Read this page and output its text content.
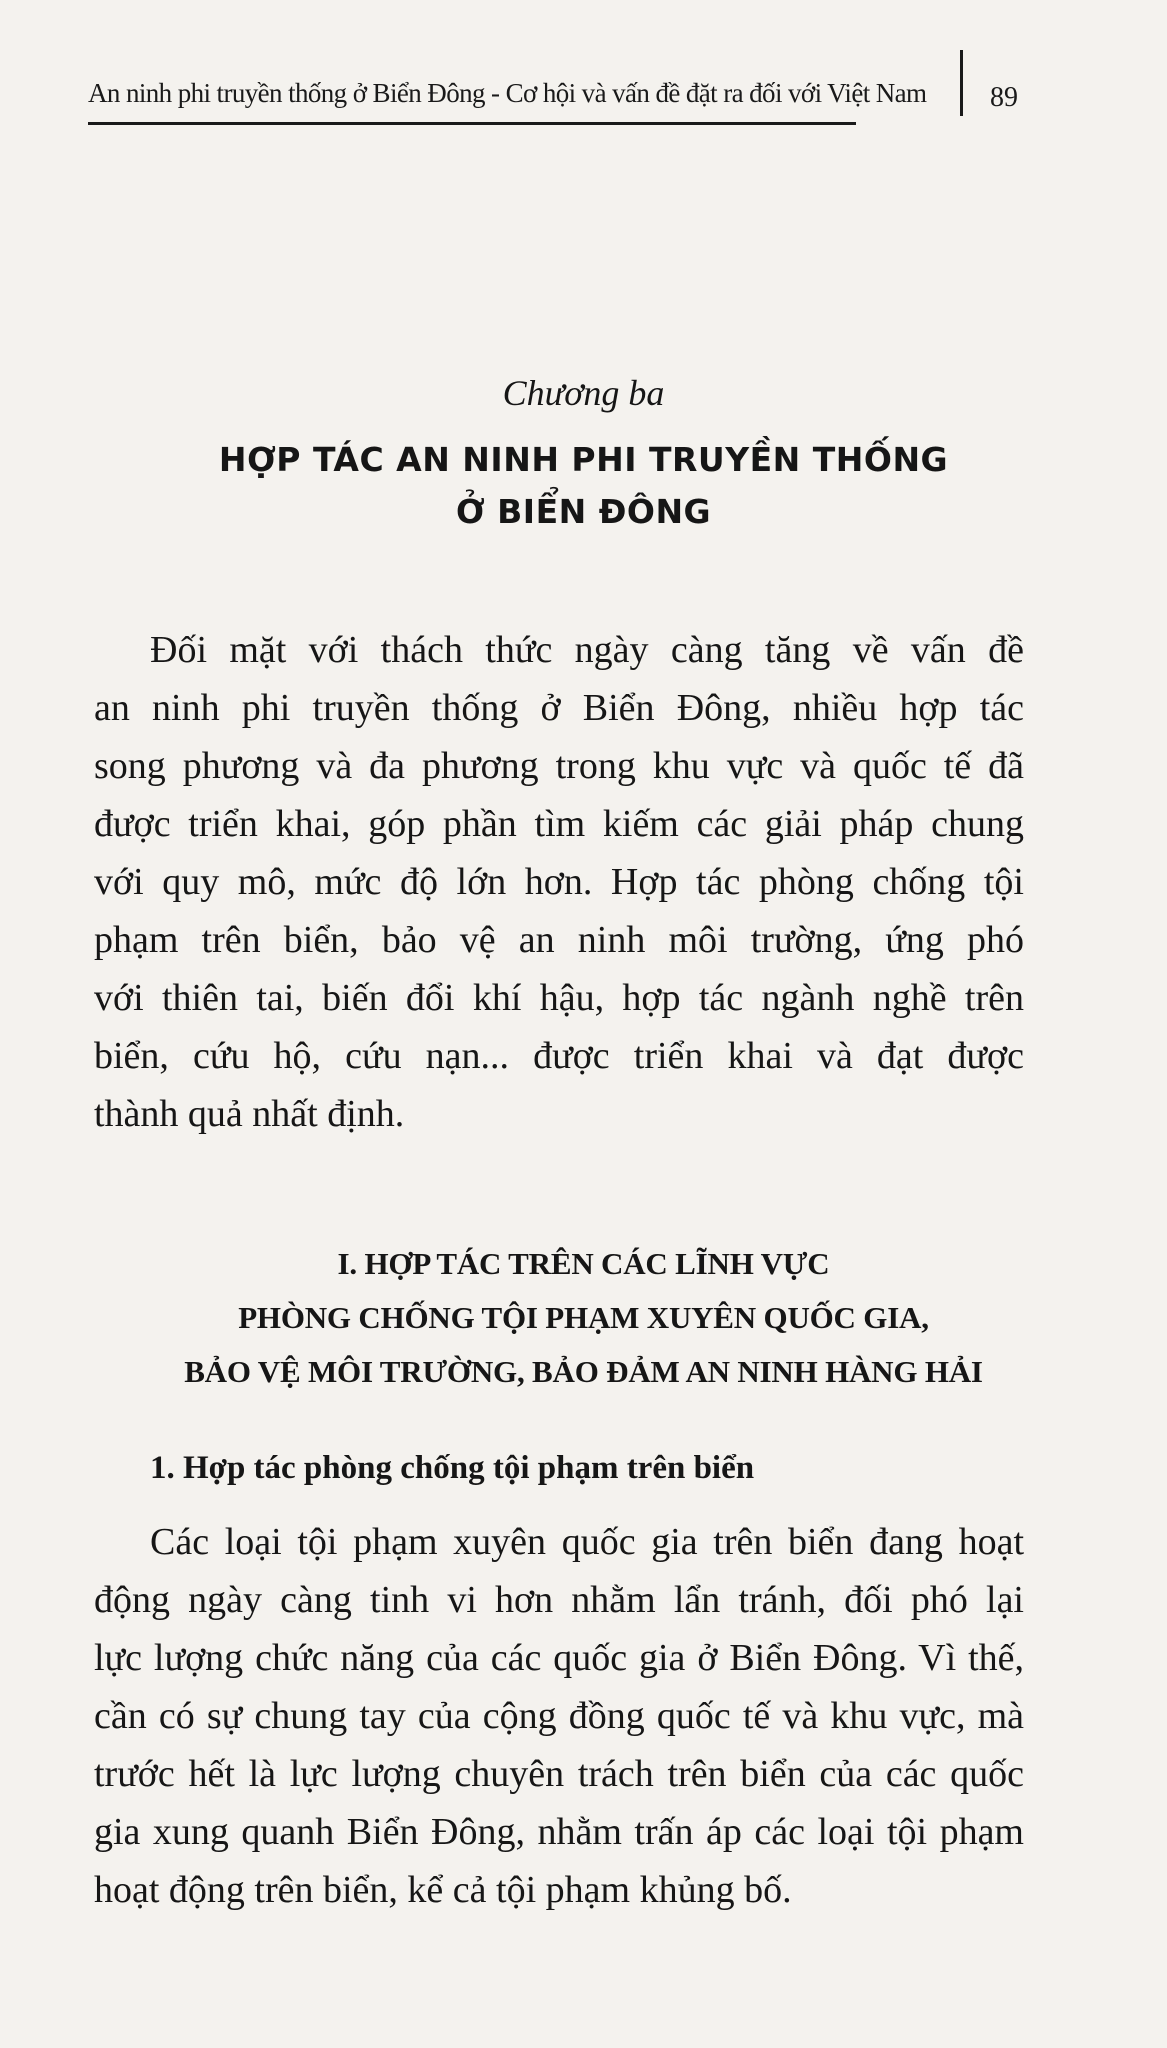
An ninh phi truyền thống ở Biển Đông - Cơ hội và vấn đề đặt ra đối với Việt Nam 89
Chương ba
HỢP TÁC AN NINH PHI TRUYỀN THỐNG
Ở BIỂN ĐÔNG
Đối mặt với thách thức ngày càng tăng về vấn đề
an ninh phi truyền thống ở Biển Đông, nhiều hợp tác
song phương và đa phương trong khu vực và quốc tế đã
được triển khai, góp phần tìm kiếm các giải pháp chung
với quy mô, mức độ lớn hơn. Hợp tác phòng chống tội
phạm trên biển, bảo vệ an ninh môi trường, ứng phó
với thiên tai, biến đổi khí hậu, hợp tác ngành nghề trên
biển, cứu hộ, cứu nạn... được triển khai và đạt được
thành quả nhất định.
I. HỢP TÁC TRÊN CÁC LĨNH VỰC
PHÒNG CHỐNG TỘI PHẠM XUYÊN QUỐC GIA,
BẢO VỆ MÔI TRƯỜNG, BẢO ĐẢM AN NINH HÀNG HẢI
1. Hợp tác phòng chống tội phạm trên biển
Các loại tội phạm xuyên quốc gia trên biển đang hoạt
động ngày càng tinh vi hơn nhằm lẩn tránh, đối phó lại
lực lượng chức năng của các quốc gia ở Biển Đông. Vì thế,
cần có sự chung tay của cộng đồng quốc tế và khu vực, mà
trước hết là lực lượng chuyên trách trên biển của các quốc
gia xung quanh Biển Đông, nhằm trấn áp các loại tội phạm
hoạt động trên biển, kể cả tội phạm khủng bố.
